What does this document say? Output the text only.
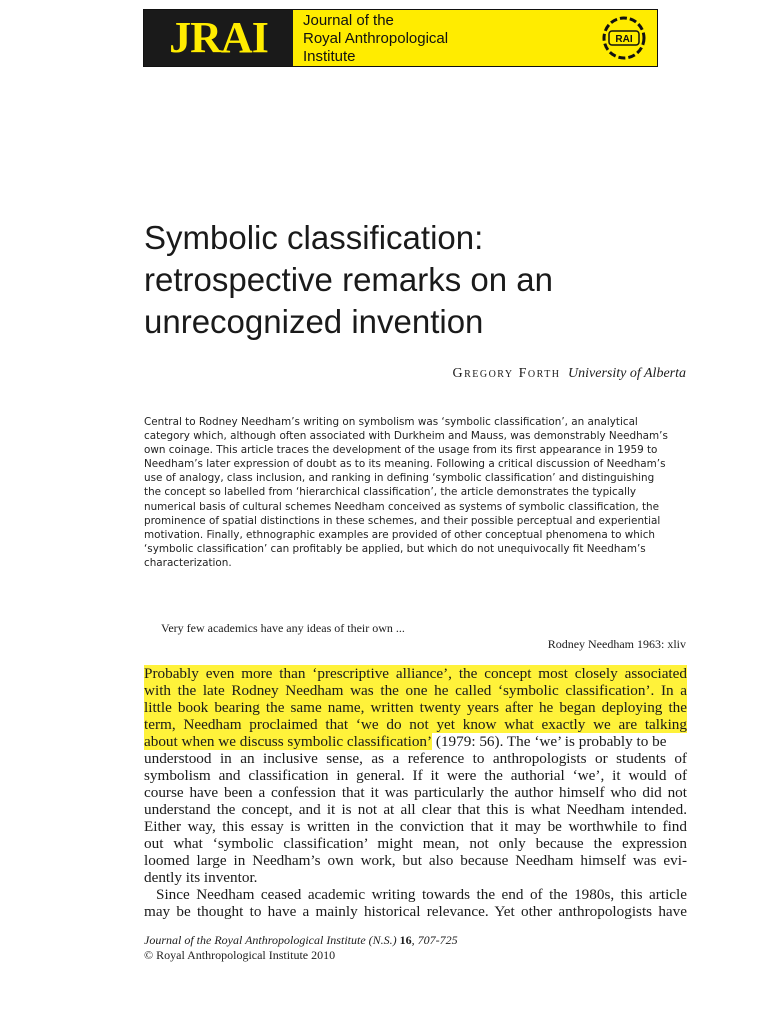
JRAI	Journal of the
Royal Anthropological
Institute
RAI
Symbolic classification:
retrospective remarks on an
unrecognized invention
Gregory Forth University of Alberta
Central to Rodney Needham’s writing on symbolism was ‘symbolic classification’, an analytical
category which, although often associated with Durkheim and Mauss, was demonstrably Needham’s
own coinage. This article traces the development of the usage from its first appearance in 1959 to
Needham’s later expression of doubt as to its meaning. Following a critical discussion of Needham’s
use of analogy, class inclusion, and ranking in defining ‘symbolic classification’ and distinguishing
the concept so labelled from ‘hierarchical classification’, the article demonstrates the typically
numerical basis of cultural schemes Needham conceived as systems of symbolic classification, the
prominence of spatial distinctions in these schemes, and their possible perceptual and experiential
motivation. Finally, ethnographic examples are provided of other conceptual phenomena to which
‘symbolic classification’ can profitably be applied, but which do not unequivocally fit Needham’s
characterization.
Very few academics have any ideas of their own ...
Rodney Needham 1963: xliv
Probably even more than ‘prescriptive alliance’, the concept most closely associated
with the late Rodney Needham was the one he called ‘symbolic classification’. In a
little book bearing the same name, written twenty years after he began deploying the
term, Needham proclaimed that ‘we do not yet know what exactly we are talking
about when we discuss symbolic classification’ (1979: 56). The ‘we’ is probably to be
understood in an inclusive sense, as a reference to anthropologists or students of
symbolism and classification in general. If it were the authorial ‘we’, it would of
course have been a confession that it was particularly the author himself who did not
understand the concept, and it is not at all clear that this is what Needham intended.
Either way, this essay is written in the conviction that it may be worthwhile to find
out what ‘symbolic classification’ might mean, not only because the expression
loomed large in Needham’s own work, but also because Needham himself was evi-
dently its inventor.
Since Needham ceased academic writing towards the end of the 1980s, this article
may be thought to have a mainly historical relevance. Yet other anthropologists have
Journal of the Royal Anthropological Institute (N.S.) 16, 707-725
© Royal Anthropological Institute 2010
